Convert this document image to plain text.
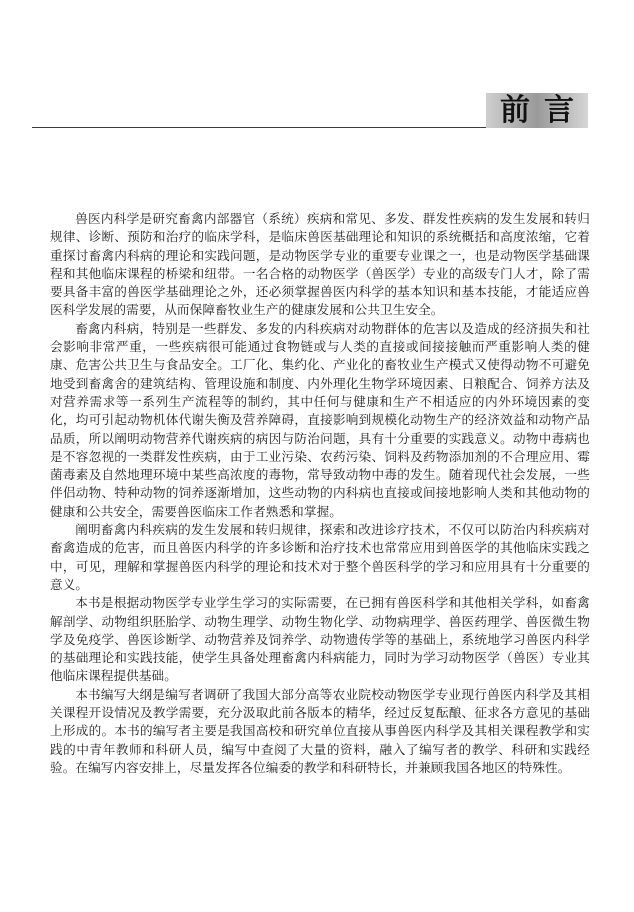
前言

兽医内科学是研究畜禽内部器官（系统）疾病和常见、多发、群发性疾病的发生发展和转归规律、诊断、预防和治疗的临床学科，是临床兽医基础理论和知识的系统概括和高度浓缩，它着重探讨畜禽内科病的理论和实践问题，是动物医学专业的重要专业课之一，也是动物医学基础课程和其他临床课程的桥梁和纽带。一名合格的动物医学（兽医学）专业的高级专门人才，除了需要具备丰富的兽医学基础理论之外，还必须掌握兽医内科学的基本知识和基本技能，才能适应兽医科学发展的需要，从而保障畜牧业生产的健康发展和公共卫生安全。

畜禽内科病，特别是一些群发、多发的内科疾病对动物群体的危害以及造成的经济损失和社会影响非常严重，一些疾病很可能通过食物链或与人类的直接或间接接触而严重影响人类的健康、危害公共卫生与食品安全。工厂化、集约化、产业化的畜牧业生产模式又使得动物不可避免地受到畜禽舍的建筑结构、管理设施和制度、内外理化生物学环境因素、日粮配合、饲养方法及对营养需求等一系列生产流程等的制约，其中任何与健康和生产不相适应的内外环境因素的变化，均可引起动物机体代谢失衡及营养障碍，直接影响到规模化动物生产的经济效益和动物产品品质，所以阐明动物营养代谢疾病的病因与防治问题，具有十分重要的实践意义。动物中毒病也是不容忽视的一类群发性疾病，由于工业污染、农药污染、饲料及药物添加剂的不合理应用、霉菌毒素及自然地理环境中某些高浓度的毒物，常导致动物中毒的发生。随着现代社会发展，一些伴侣动物、特种动物的饲养逐渐增加，这些动物的内科病也直接或间接地影响人类和其他动物的健康和公共安全，需要兽医临床工作者熟悉和掌握。

阐明畜禽内科疾病的发生发展和转归规律，探索和改进诊疗技术，不仅可以防治内科疾病对畜禽造成的危害，而且兽医内科学的许多诊断和治疗技术也常常应用到兽医学的其他临床实践之中，可见，理解和掌握兽医内科学的理论和技术对于整个兽医科学的学习和应用具有十分重要的意义。

本书是根据动物医学专业学生学习的实际需要，在已拥有兽医科学和其他相关学科，如畜禽解剖学、动物组织胚胎学、动物生理学、动物生物化学、动物病理学、兽医药理学、兽医微生物学及免疫学、兽医诊断学、动物营养及饲养学、动物遗传学等的基础上，系统地学习兽医内科学的基础理论和实践技能，使学生具备处理畜禽内科病能力，同时为学习动物医学（兽医）专业其他临床课程提供基础。

本书编写大纲是编写者调研了我国大部分高等农业院校动物医学专业现行兽医内科学及其相关课程开设情况及教学需要，充分汲取此前各版本的精华，经过反复酝酿、征求各方意见的基础上形成的。本书的编写者主要是我国高校和研究单位直接从事兽医内科学及其相关课程教学和实践的中青年教师和科研人员，编写中查阅了大量的资料，融入了编写者的教学、科研和实践经验。在编写内容安排上，尽量发挥各位编委的教学和科研特长，并兼顾我国各地区的特殊性。
